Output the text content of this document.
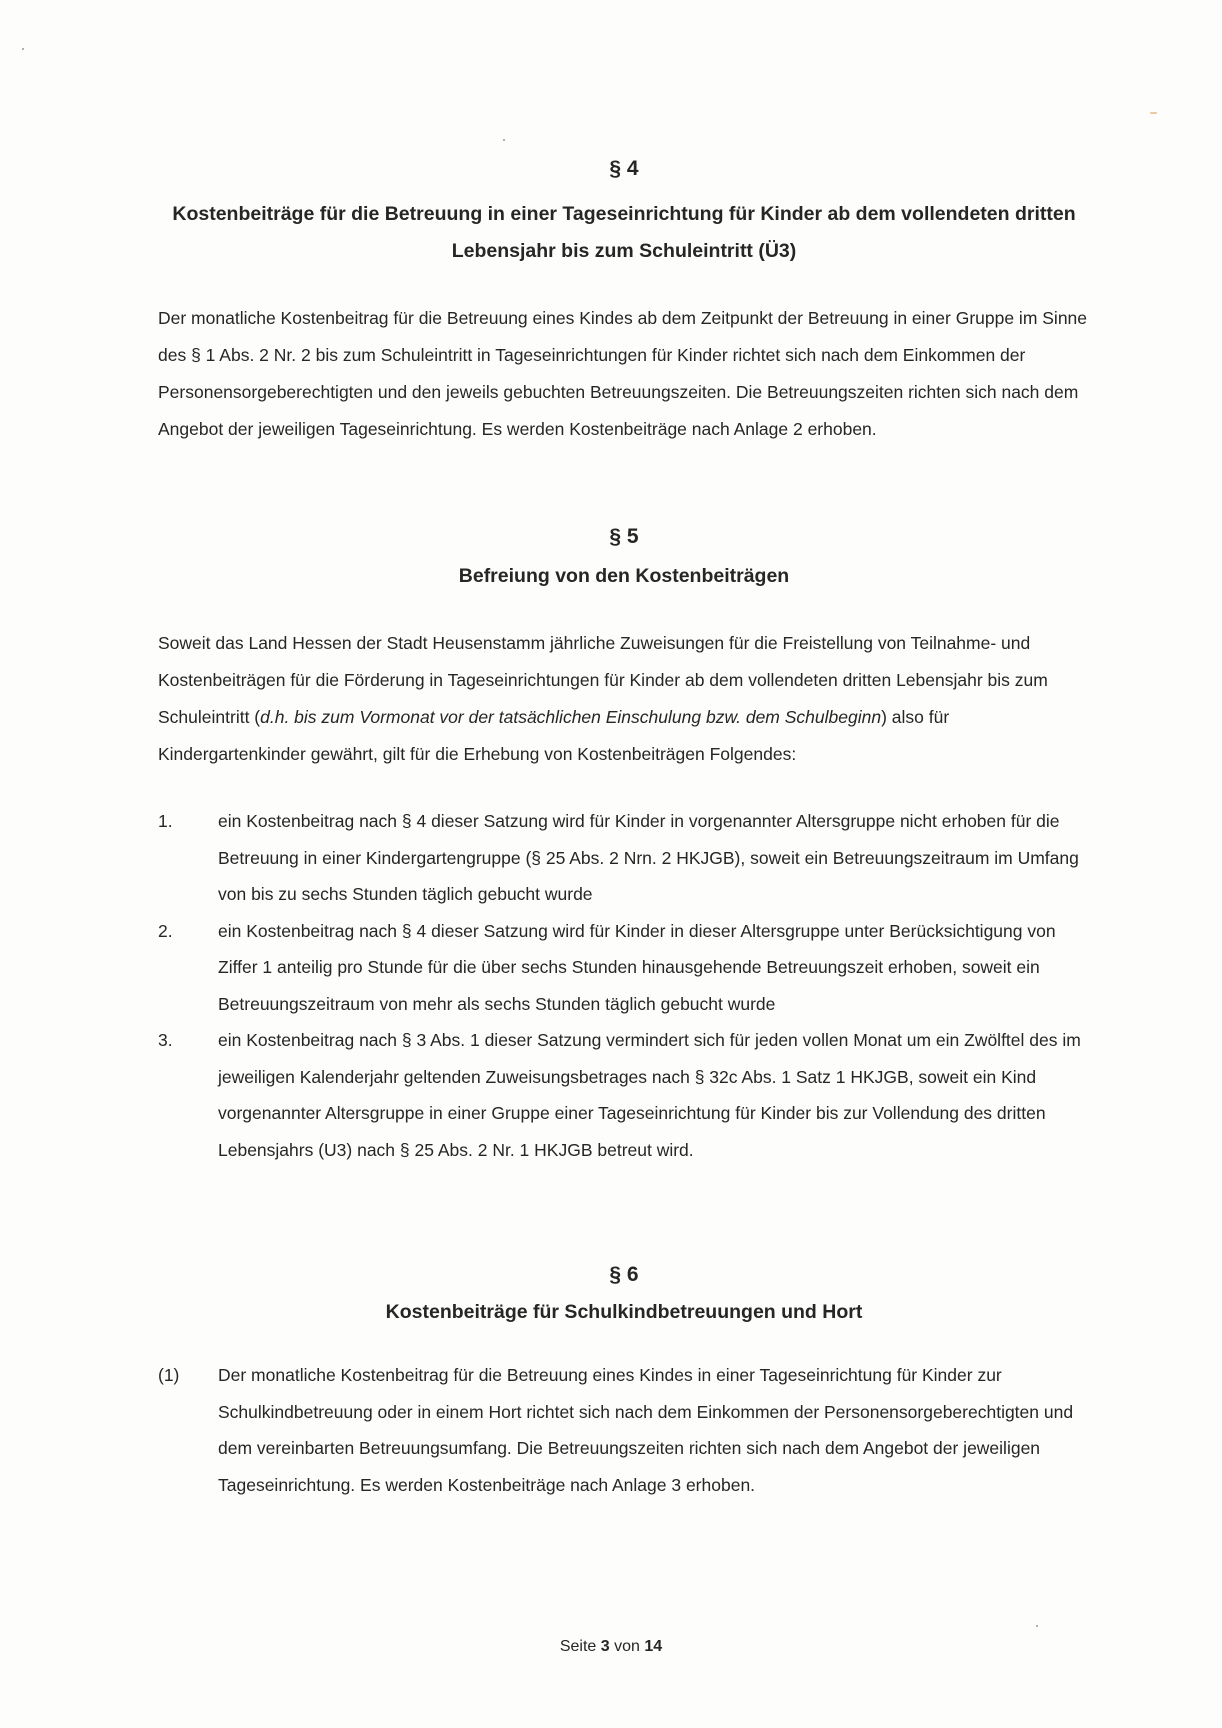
§ 4

Kostenbeiträge für die Betreuung in einer Tageseinrichtung für Kinder ab dem vollendeten dritten
Lebensjahr bis zum Schuleintritt (Ü3)

Der monatliche Kostenbeitrag für die Betreuung eines Kindes ab dem Zeitpunkt der Betreuung in einer Gruppe im Sinne des § 1 Abs. 2 Nr. 2 bis zum Schuleintritt in Tageseinrichtungen für Kinder richtet sich nach dem Einkommen der Personensorgeberechtigten und den jeweils gebuchten Betreuungszeiten. Die Betreuungszeiten richten sich nach dem Angebot der jeweiligen Tageseinrichtung. Es werden Kostenbeiträge nach Anlage 2 erhoben.

§ 5

Befreiung von den Kostenbeiträgen

Soweit das Land Hessen der Stadt Heusenstamm jährliche Zuweisungen für die Freistellung von Teilnahme- und Kostenbeiträgen für die Förderung in Tageseinrichtungen für Kinder ab dem vollendeten dritten Lebensjahr bis zum Schuleintritt (d.h. bis zum Vormonat vor der tatsächlichen Einschulung bzw. dem Schulbeginn) also für Kindergartenkinder gewährt, gilt für die Erhebung von Kostenbeiträgen Folgendes:

1.	ein Kostenbeitrag nach § 4 dieser Satzung wird für Kinder in vorgenannter Altersgruppe nicht erhoben für die Betreuung in einer Kindergartengruppe (§ 25 Abs. 2 Nrn. 2 HKJGB), soweit ein Betreuungszeitraum im Umfang von bis zu sechs Stunden täglich gebucht wurde

2.	ein Kostenbeitrag nach § 4 dieser Satzung wird für Kinder in dieser Altersgruppe unter Berücksichtigung von Ziffer 1 anteilig pro Stunde für die über sechs Stunden hinausgehende Betreuungszeit erhoben, soweit ein Betreuungszeitraum von mehr als sechs Stunden täglich gebucht wurde

3.	ein Kostenbeitrag nach § 3 Abs. 1 dieser Satzung vermindert sich für jeden vollen Monat um ein Zwölftel des im jeweiligen Kalenderjahr geltenden Zuweisungsbetrages nach § 32c Abs. 1 Satz 1 HKJGB, soweit ein Kind vorgenannter Altersgruppe in einer Gruppe einer Tageseinrichtung für Kinder bis zur Vollendung des dritten Lebensjahrs (U3) nach § 25 Abs. 2 Nr. 1 HKJGB betreut wird.

§ 6

Kostenbeiträge für Schulkindbetreuungen und Hort

(1) Der monatliche Kostenbeitrag für die Betreuung eines Kindes in einer Tageseinrichtung für Kinder zur Schulkindbetreuung oder in einem Hort richtet sich nach dem Einkommen der Personensorgeberechtigten und dem vereinbarten Betreuungsumfang. Die Betreuungszeiten richten sich nach dem Angebot der jeweiligen Tageseinrichtung. Es werden Kostenbeiträge nach Anlage 3 erhoben.

Seite 3 von 14
